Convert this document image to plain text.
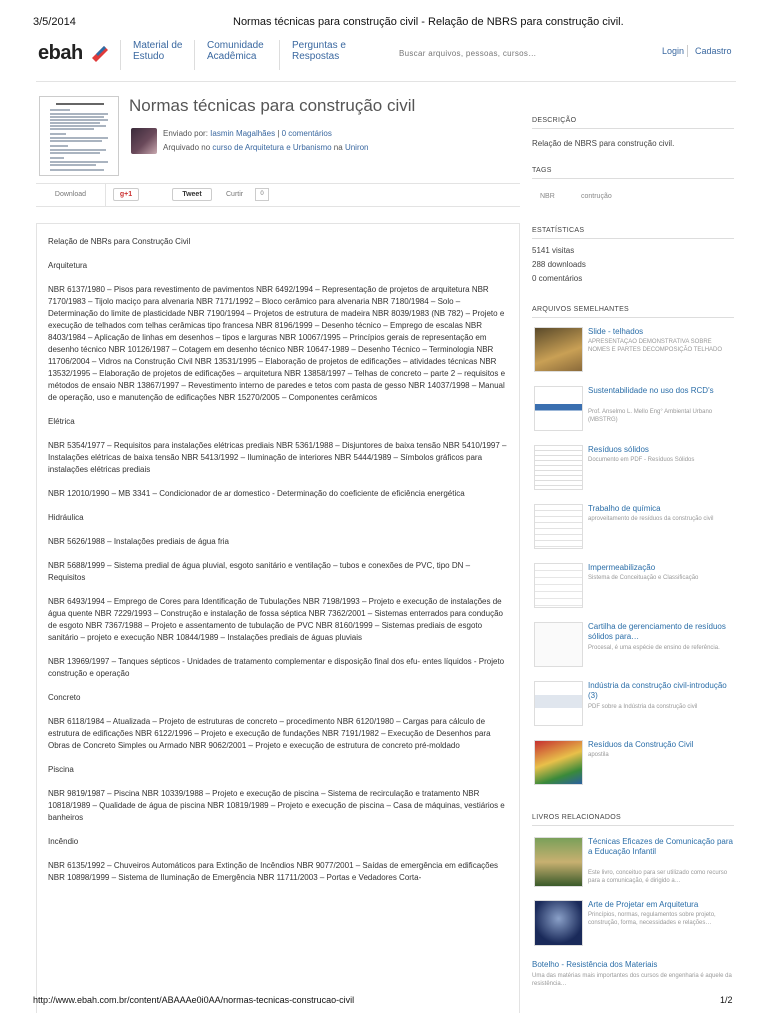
3/5/2014	Normas técnicas para construção civil - Relação de NBRS para construção civil.
ebah	Material de Estudo
Comunidade Acadêmica
Perguntas e Respostas	Buscar arquivos, pessoas, cursos…	Login Cadastro
Normas técnicas para construção civil
Enviado por: Iasmin Magalhães | 0 comentários
Arquivado no curso de Arquitetura e Urbanismo na Uniron
Download	g+1	Tweet	Curtir	0

Relação de NBRs para Construção Civil

Arquitetura

NBR 6137/1980 – Pisos para revestimento de pavimentos NBR 6492/1994 – Representação de projetos de arquitetura NBR 7170/1983 – Tijolo maciço para alvenaria NBR 7171/1992 – Bloco cerâmico para alvenaria NBR 7180/1984 – Solo – Determinação do limite de plasticidade NBR 7190/1994 – Projetos de estrutura de madeira NBR 8039/1983 (NB 782) – Projeto e execução de telhados com telhas cerâmicas tipo francesa NBR 8196/1999 – Desenho técnico – Emprego de escalas NBR 8403/1984 – Aplicação de linhas em desenhos – tipos e larguras NBR 10067/1995 – Princípios gerais de representação em desenho técnico NBR 10126/1987 – Cotagem em desenho técnico NBR 10647-1989 – Desenho Técnico – Terminologia NBR 11706/2004 – Vidros na Construção Civil NBR 13531/1995 – Elaboração de projetos de edificações – atividades técnicas NBR 13532/1995 – Elaboração de projetos de edificações – arquitetura NBR 13858/1997 – Telhas de concreto – parte 2 – requisitos e métodos de ensaio NBR 13867/1997 – Revestimento interno de paredes e tetos com pasta de gesso NBR 14037/1998 – Manual de operação, uso e manutenção de edificações NBR 15270/2005 – Componentes cerâmicos

Elétrica

NBR 5354/1977 – Requisitos para instalações elétricas prediais NBR 5361/1988 – Disjuntores de baixa tensão NBR 5410/1997 – Instalações elétricas de baixa tensão NBR 5413/1992 – Iluminação de interiores NBR 5444/1989 – Símbolos gráficos para instalações elétricas prediais

NBR 12010/1990 – MB 3341 – Condicionador de ar domestico - Determinação do coeficiente de eficiência energética

Hidráulica

NBR 5626/1988 – Instalações prediais de água fria

NBR 5688/1999 – Sistema predial de água pluvial, esgoto sanitário e ventilação – tubos e conexões de PVC, tipo DN – Requisitos

NBR 6493/1994 – Emprego de Cores para Identificação de Tubulações NBR 7198/1993 – Projeto e execução de instalações de água quente NBR 7229/1993 – Construção e instalação de fossa séptica NBR 7362/2001 – Sistemas enterrados para condução de esgoto NBR 7367/1988 – Projeto e assentamento de tubulação de PVC NBR 8160/1999 – Sistemas prediais de esgoto sanitário – projeto e execução NBR 10844/1989 – Instalações prediais de águas pluviais

NBR 13969/1997 – Tanques sépticos - Unidades de tratamento complementar e disposição final dos efu- entes líquidos - Projeto construção e operação

Concreto

NBR 6118/1984 – Atualizada – Projeto de estruturas de concreto – procedimento NBR 6120/1980 – Cargas para cálculo de estrutura de edificações NBR 6122/1996 – Projeto e execução de fundações NBR 7191/1982 – Execução de Desenhos para Obras de Concreto Simples ou Armado NBR 9062/2001 – Projeto e execução de estrutura de concreto pré-moldado

Piscina

NBR 9819/1987 – Piscina NBR 10339/1988 – Projeto e execução de piscina – Sistema de recirculação e tratamento NBR 10818/1989 – Qualidade de água de piscina NBR 10819/1989 – Projeto e execução de piscina – Casa de máquinas, vestiários e banheiros

Incêndio

NBR 6135/1992 – Chuveiros Automáticos para Extinção de Incêndios NBR 9077/2001 – Saídas de emergência em edificações NBR 10898/1999 – Sistema de Iluminação de Emergência NBR 11711/2003 – Portas e Vedadores Corta-

DESCRIÇÃO
Relação de NBRS para construção civil.
TAGS
NBR	contrução
ESTATÍSTICAS
5141 visitas
288 downloads
0 comentários
ARQUIVOS SEMELHANTES
Slide - telhados
APRESENTAÇAO DEMONSTRATIVA SOBRE NOMES E PARTES DECOMPOSIÇÃO TELHADO
Sustentabilidade no uso dos RCD's
Prof. Anselmo L. Mello Eng° Ambiental Urbano (MBSTRG)
Resíduos sólidos
Documento em PDF - Resíduos Sólidos
Trabalho de química
aproveitamento de resíduos da construção civil
Impermeabilização
Sistema de Conceituação e Classificação
Cartilha de gerenciamento de resíduos sólidos para…
Procesal, é uma espécie de ensino de referência.
Indústria da construção civil-introdução (3)
PDF sobre a Indústria da construção civil
Resíduos da Construção Civil
apostila
LIVROS RELACIONADOS
Técnicas Eficazes de Comunicação para a Educação Infantil
Este livro, conceituo para ser utilizado como recurso para a comunicação, é dirigido a…
Arte de Projetar em Arquitetura
Princípios, normas, regulamentos sobre projeto, construção, forma, necessidades e relações…
Botelho - Resistência dos Materiais
Uma das matérias mais importantes dos cursos de engenharia é aquele da resistência…
http://www.ebah.com.br/content/ABAAAe0i0AA/normas-tecnicas-construcao-civil	1/2
